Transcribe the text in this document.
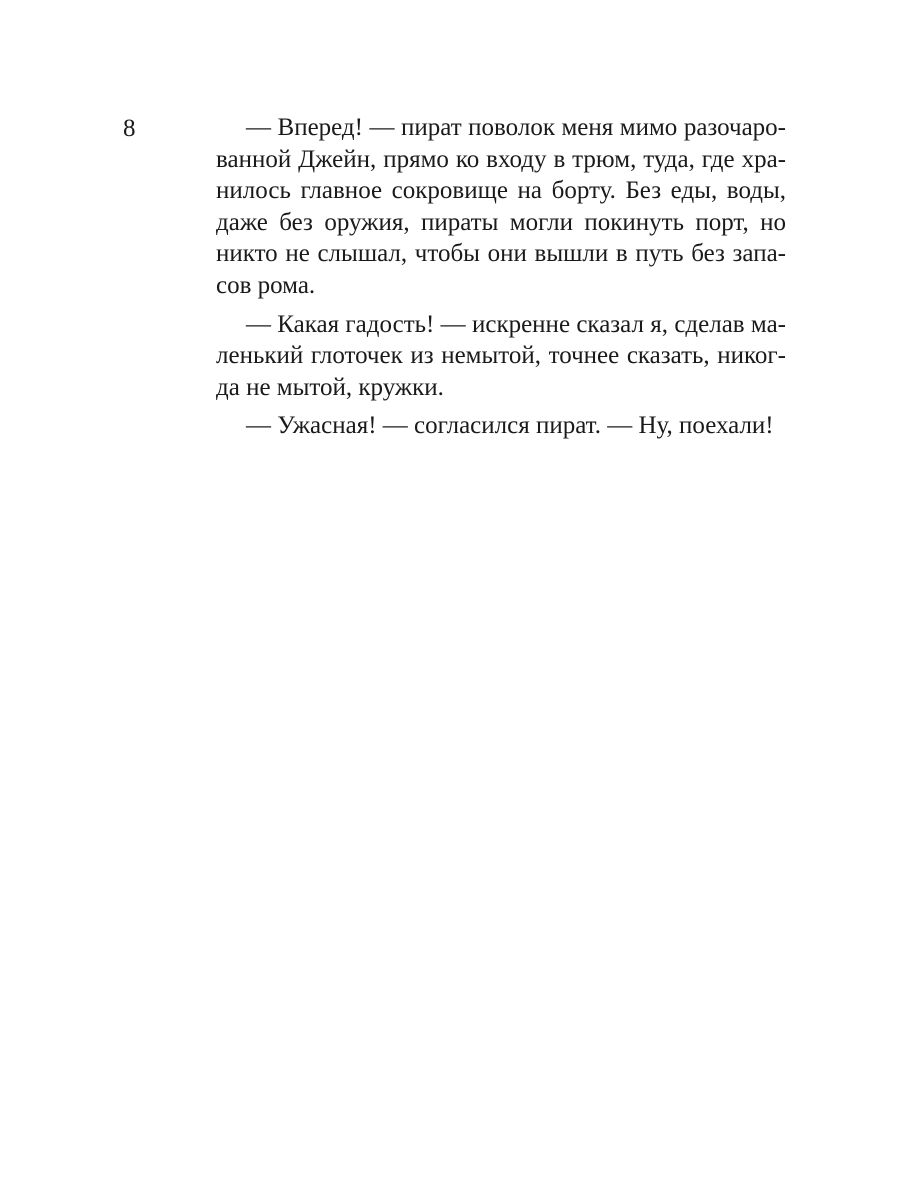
8	— Вперед! — пират поволок меня мимо разочаро-
ванной Джейн, прямо ко входу в трюм, туда, где хра-
нилось главное сокровище на борту. Без еды, воды,
даже без оружия, пираты могли покинуть порт, но
никто не слышал, чтобы они вышли в путь без запа-
сов рома.
— Какая гадость! — искренне сказал я, сделав ма-
ленький глоточек из немытой, точнее сказать, никог-
да не мытой, кружки.
— Ужасная! — согласился пират. — Ну, поехали!
